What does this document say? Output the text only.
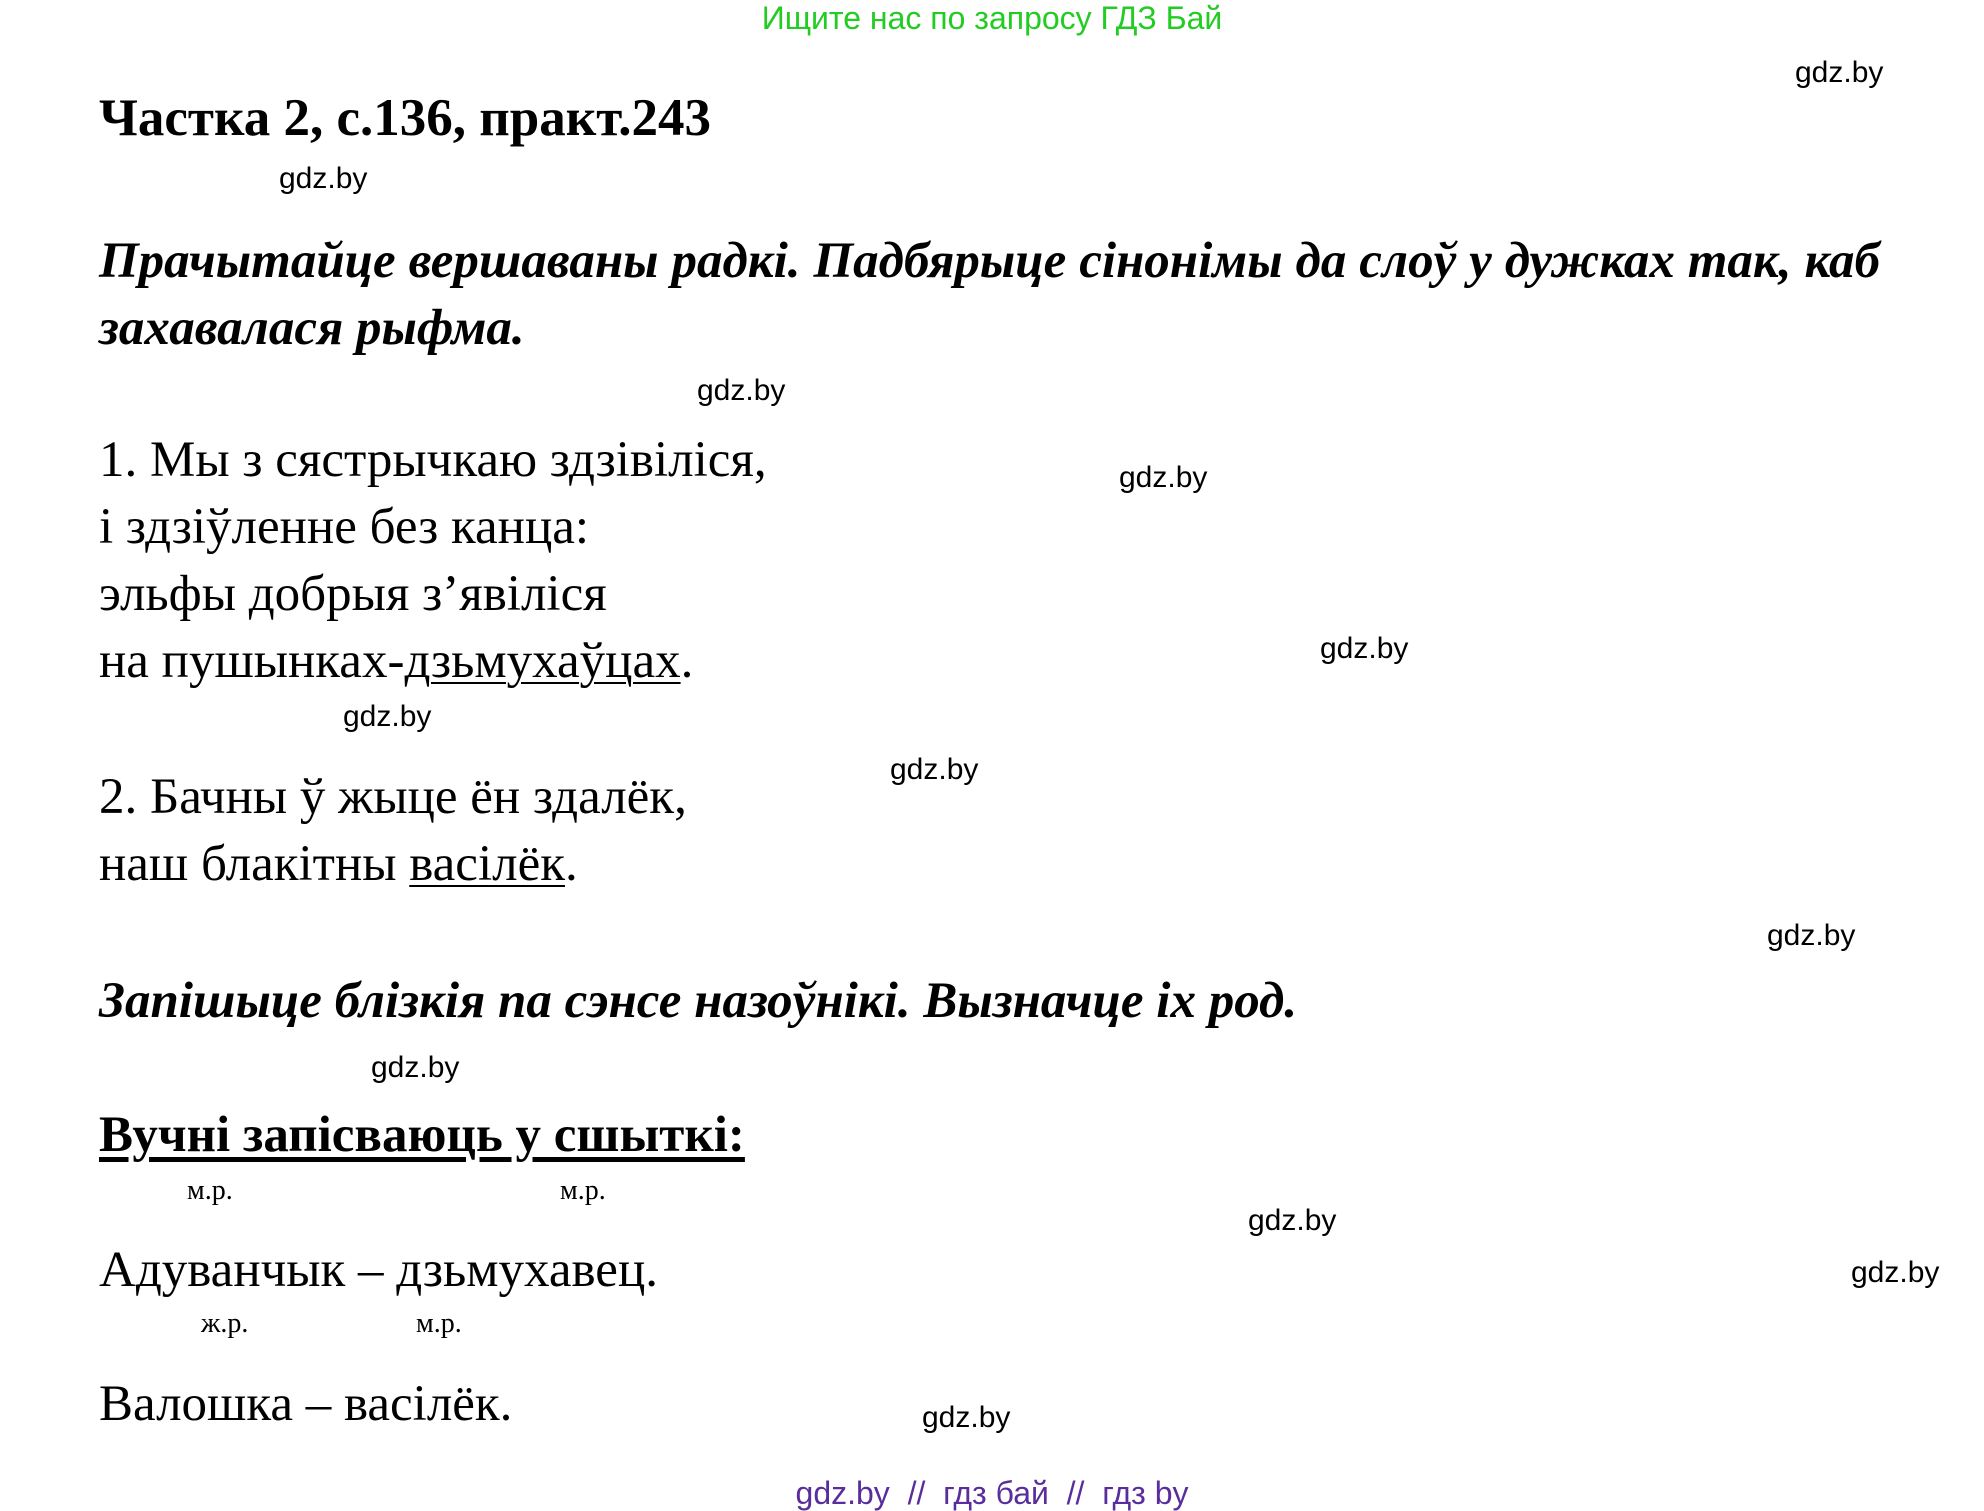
Ищите нас по запросу ГДЗ Бай
Частка 2, с.136, практ.243
Прачытайце вершаваны радкі. Падбярыце сінонімы да слоў у дужках так, каб захавалася рыфма.
1. Мы з сястрычкаю здзівіліся,
і здзіўленне без канца:
эльфы добрыя з’явіліся
на пушынках-дзьмухаўцах.
2. Бачны ў жыце ён здалёк,
наш блакітны васілёк.
Запішыце блізкія па сэнсе назоўнікі. Вызначце іх род.
Вучні запісваюць у сшыткі:
м.р.	м.р.
Адуванчык – дзьмухавец.
ж.р.	м.р.
Валошка – васілёк.
gdz.by
gdz.by
gdz.by
gdz.by
gdz.by
gdz.by
gdz.by
gdz.by
gdz.by
gdz.by
gdz.by
gdz.by
gdz.by  //  гдз бай  //  гдз by
